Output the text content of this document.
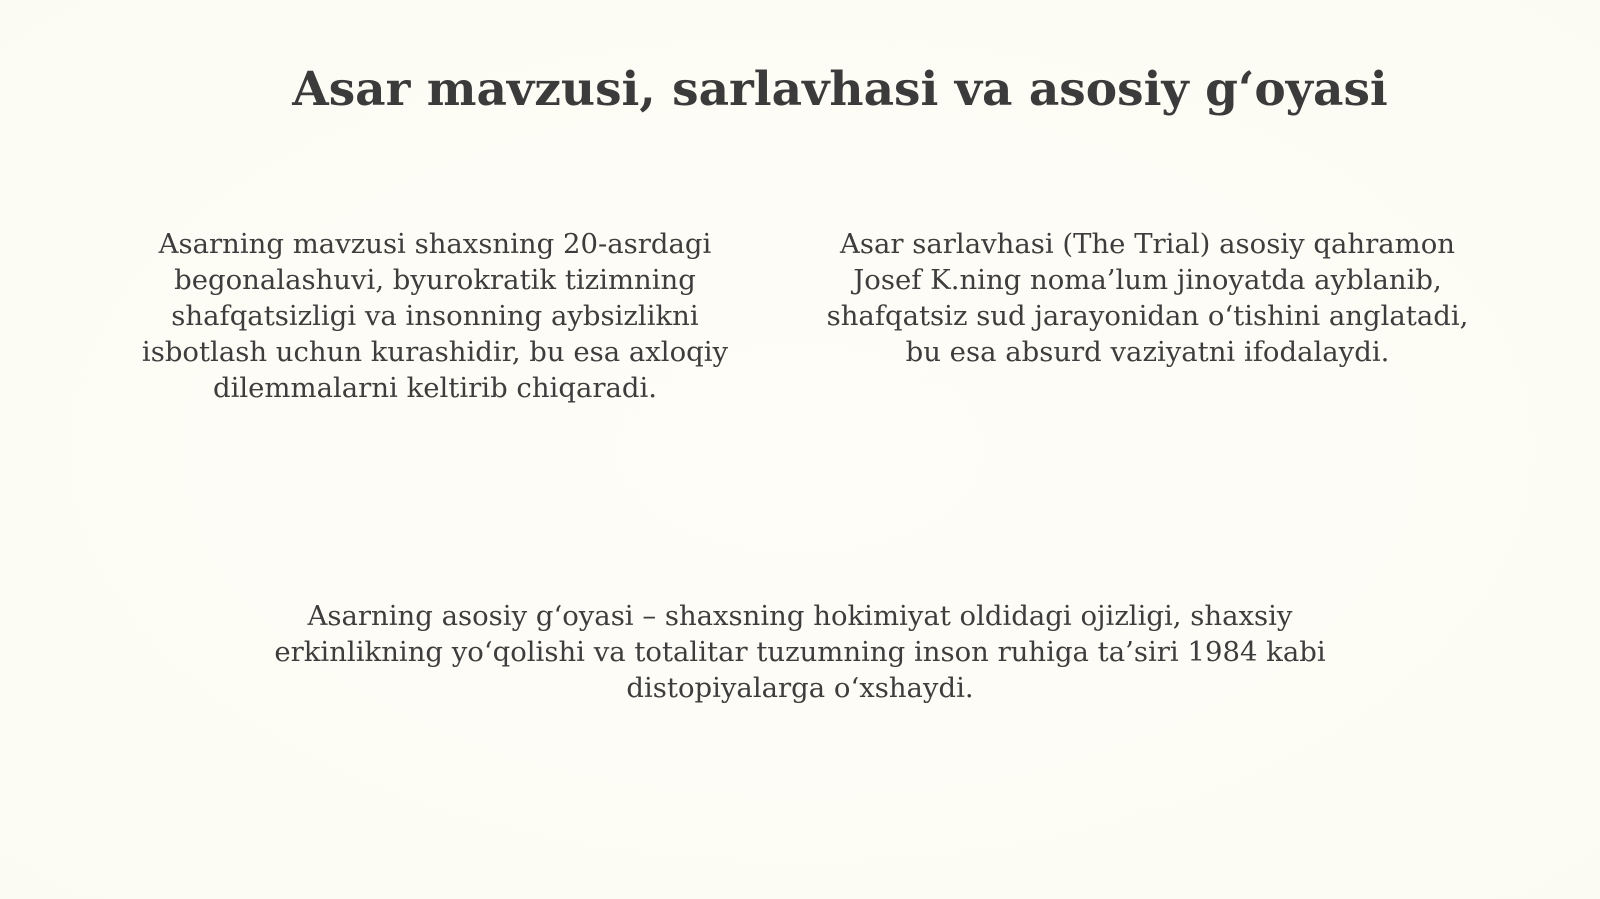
Asar mavzusi, sarlavhasi va asosiy g‘oyasi

Asarning mavzusi shaxsning 20-asrdagi begonalashuvi, byurokratik tizimning shafqatsizligi va insonning aybsizlikni isbotlash uchun kurashidir, bu esa axloqiy dilemmalarni keltirib chiqaradi.

Asar sarlavhasi (The Trial) asosiy qahramon Josef K.ning noma’lum jinoyatda ayblanib, shafqatsiz sud jarayonidan o‘tishini anglatadi, bu esa absurd vaziyatni ifodalaydi.

Asarning asosiy g‘oyasi – shaxsning hokimiyat oldidagi ojizligi, shaxsiy erkinlikning yo‘qolishi va totalitar tuzumning inson ruhiga ta’siri 1984 kabi distopiyalarga o‘xshaydi.
